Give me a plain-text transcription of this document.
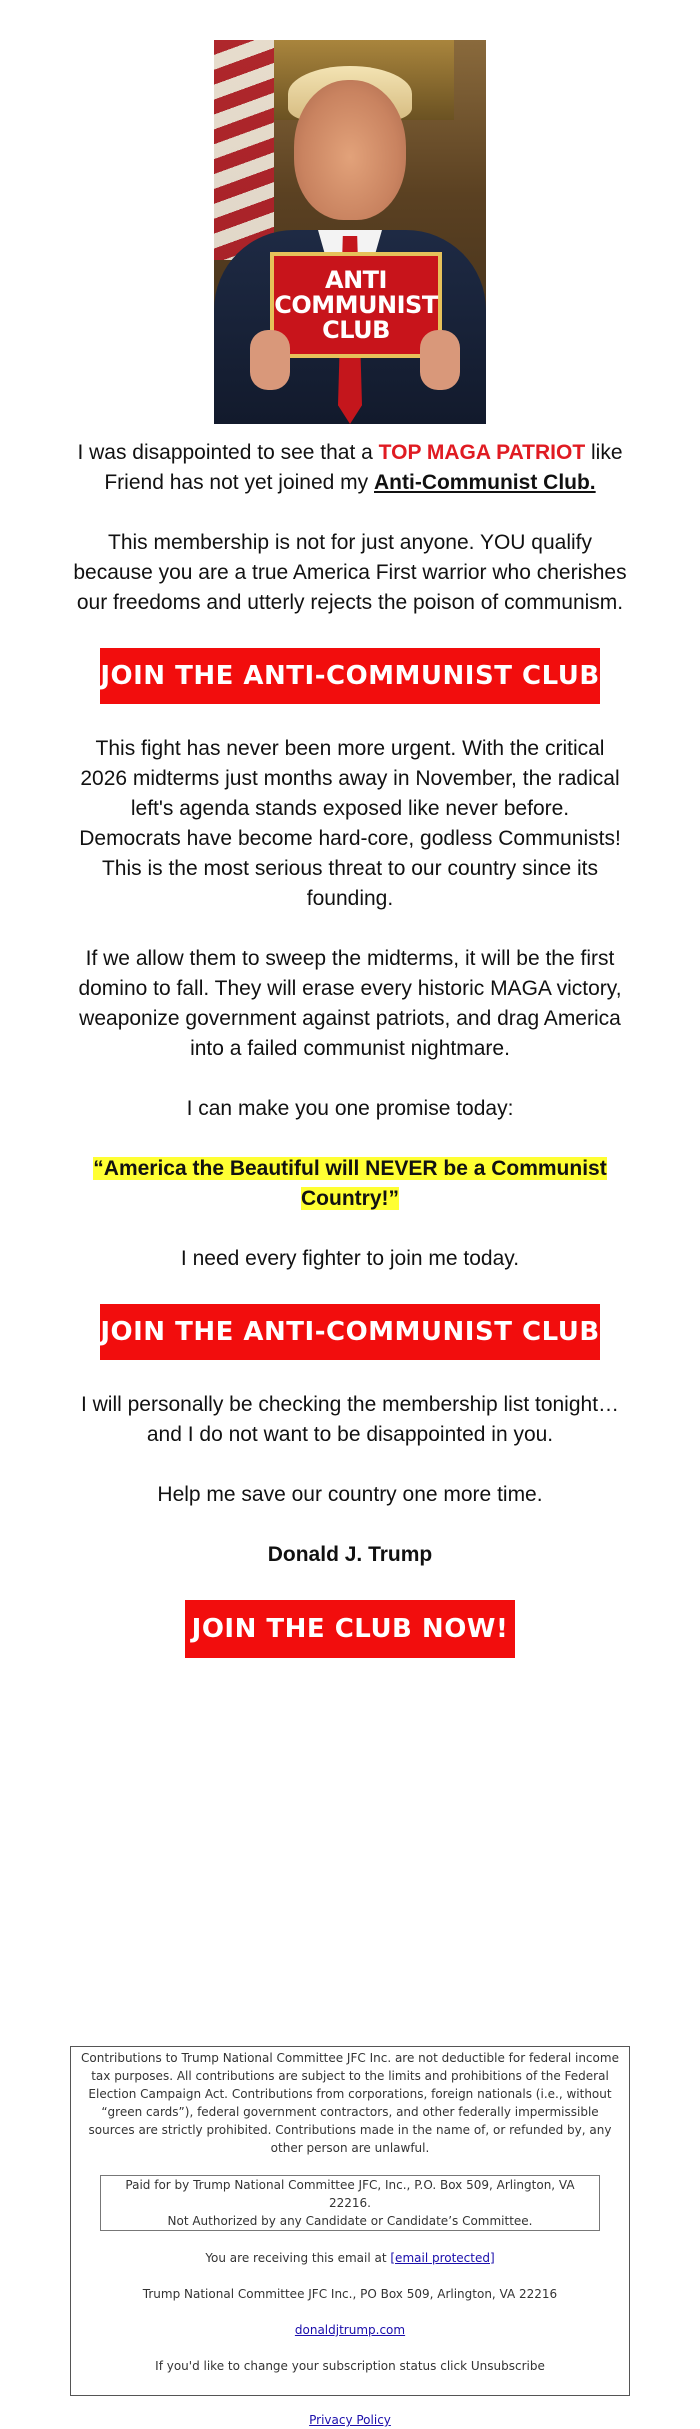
ANTI
COMMUNIST
CLUB

I was disappointed to see that a TOP MAGA PATRIOT like Friend has not yet joined my Anti-Communist Club.

This membership is not for just anyone. YOU qualify because you are a true America First warrior who cherishes our freedoms and utterly rejects the poison of communism.

JOIN THE ANTI-COMMUNIST CLUB

This fight has never been more urgent. With the critical 2026 midterms just months away in November, the radical left's agenda stands exposed like never before.

Democrats have become hard-core, godless Communists! This is the most serious threat to our country since its founding.

If we allow them to sweep the midterms, it will be the first domino to fall. They will erase every historic MAGA victory, weaponize government against patriots, and drag America into a failed communist nightmare.

I can make you one promise today:

“America the Beautiful will NEVER be a Communist Country!”

I need every fighter to join me today.

JOIN THE ANTI-COMMUNIST CLUB

I will personally be checking the membership list tonight… and I do not want to be disappointed in you.

Help me save our country one more time.

Donald J. Trump

JOIN THE CLUB NOW!

Contributions to Trump National Committee JFC Inc. are not deductible for federal income tax purposes. All contributions are subject to the limits and prohibitions of the Federal Election Campaign Act. Contributions from corporations, foreign nationals (i.e., without “green cards”), federal government contractors, and other federally impermissible sources are strictly prohibited. Contributions made in the name of, or refunded by, any other person are unlawful.

Paid for by Trump National Committee JFC, Inc., P.O. Box 509, Arlington, VA 22216.

Not Authorized by any Candidate or Candidate’s Committee.

You are receiving this email at [email protected]

Trump National Committee JFC Inc., PO Box 509, Arlington, VA 22216

donaldjtrump.com

If you'd like to change your subscription status click Unsubscribe

Privacy Policy
